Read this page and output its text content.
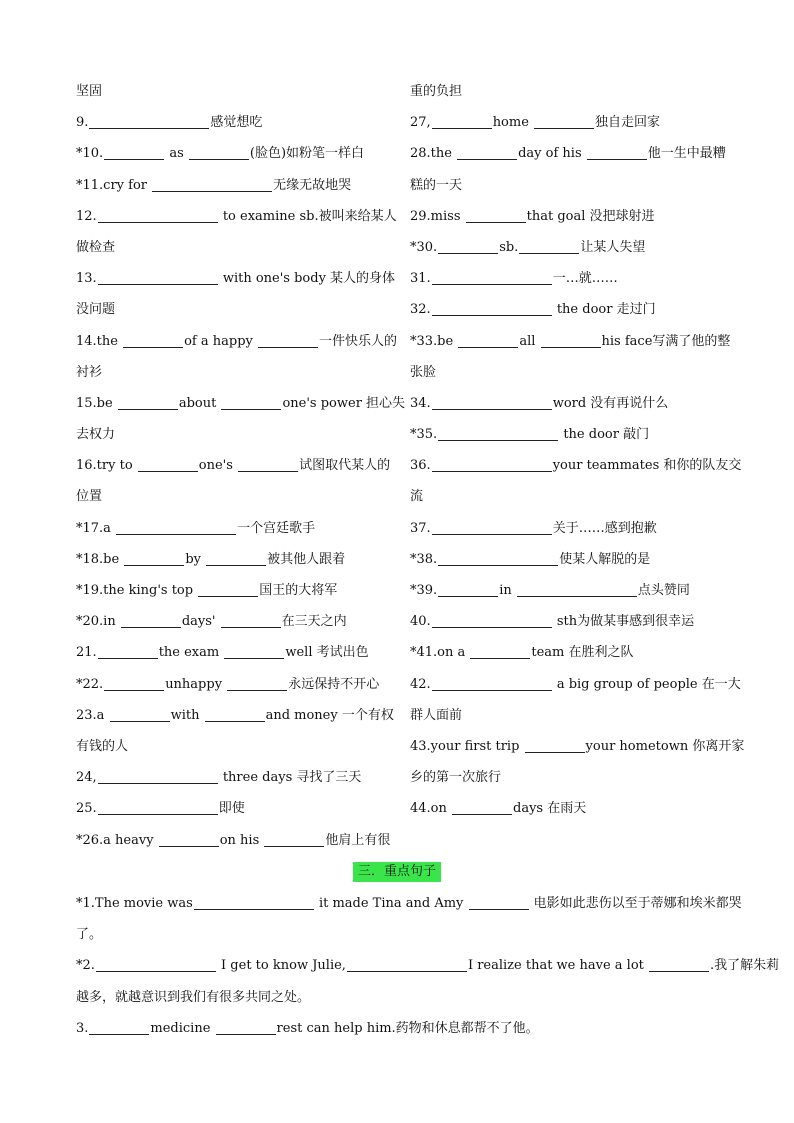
坚固
9.	感觉想吃
*10.	as	(脸色)如粉笔一样白
*11.cry for	无缘无故地哭
12.	to examine sb.被叫来给某人
做检查
13.	with one's body 某人的身体
没问题
14.the	of a happy	一件快乐人的
衬衫
15.be	about	one's power 担心失
去权力
16.try to	one's	试图取代某人的
位置
*17.a	一个宫廷歌手
*18.be	by	被其他人跟着
*19.the king's top	国王的大将军
*20.in	days'	在三天之内
21.	the exam	well 考试出色
*22.	unhappy	永远保持不开心
23.a	with	and money 一个有权
有钱的人
24,	three days 寻找了三天
25.	即使
*26.a heavy	on his	他肩上有很
重的负担
27,	home	独自走回家
28.the	day of his	他一生中最糟
糕的一天
29.miss	that goal 没把球射进
*30.	sb.	让某人失望
31.	一…就……
32.	the door 走过门
*33.be	all	his face写满了他的整
张脸
34.	word 没有再说什么
*35.	the door 敲门
36.	your teammates 和你的队友交
流
37.	关于……感到抱歉
*38.	使某人解脱的是
*39.	in	点头赞同
40.	sth为做某事感到很幸运
*41.on a	team 在胜利之队
42.	a big group of people 在一大
群人面前
43.your first trip	your hometown 你离开家
乡的第一次旅行
44.on	days 在雨天
三．重点句子
*1.The movie was	it made Tina and Amy	电影如此悲伤以至于蒂娜和埃米都哭
了。
*2.	I get to know Julie,	I realize that we have a lot	.我了解朱莉
越多，就越意识到我们有很多共同之处。
3.	medicine	rest can help him.药物和休息都帮不了他。
